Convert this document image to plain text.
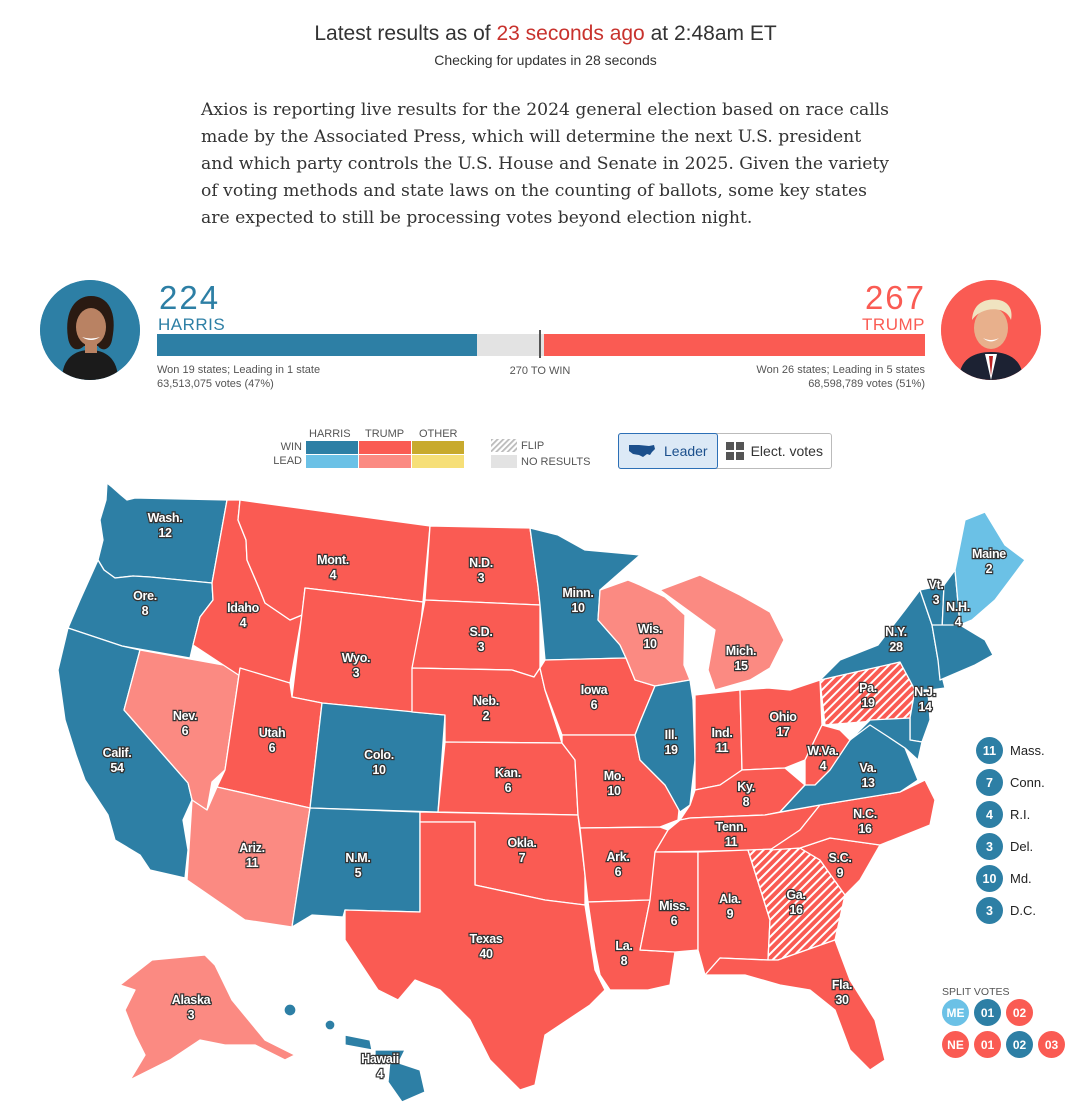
Latest results as of 23 seconds ago at 2:48am ET
Checking for updates in 28 seconds
Axios is reporting live results for the 2024 general election based on race calls made by the Associated Press, which will determine the next U.S. president and which party controls the U.S. House and Senate in 2025. Given the variety of voting methods and state laws on the counting of ballots, some key states are expected to still be processing votes beyond election night.
224
HARRIS
267
TRUMP
Won 19 states; Leading in 1 state
63,513,075 votes (47%)
270 TO WIN	Won 26 states; Leading in 5 states
68,598,789 votes (51%)
HARRIS TRUMP OTHER
WIN
LEAD
FLIP
NO RESULTS
Leader	Elect. votes
Wash. 12
Ore. 8
Calif. 54
Nev. 6
Idaho 4
Mont. 4
Wyo. 3
Utah 6
Ariz. 11
Colo. 10
N.M. 5
N.D. 3
S.D. 3
Neb. 2
Kan. 6
Okla. 7
Texas 40
Minn. 10
Iowa 6
Mo. 10
Ark. 6
La. 8
Wis. 10
Ill. 19
Mich. 15
Ind. 11
Ohio 17
Ky. 8
Tenn. 11
Miss. 6
Ala. 9
Ga. 16
Fla. 30
S.C. 9
N.C. 16
Va. 13
W.Va. 4
Pa. 19
N.J. 14
N.Y. 28
Vt. 3 N.H. 4
Maine 2
Alaska 3
Hawaii 4
11	Mass.
7	Conn.
4	R.I.
3	Del.
10	Md.
3	D.C.
SPLIT VOTES
ME	01	02
NE	01	02	03
